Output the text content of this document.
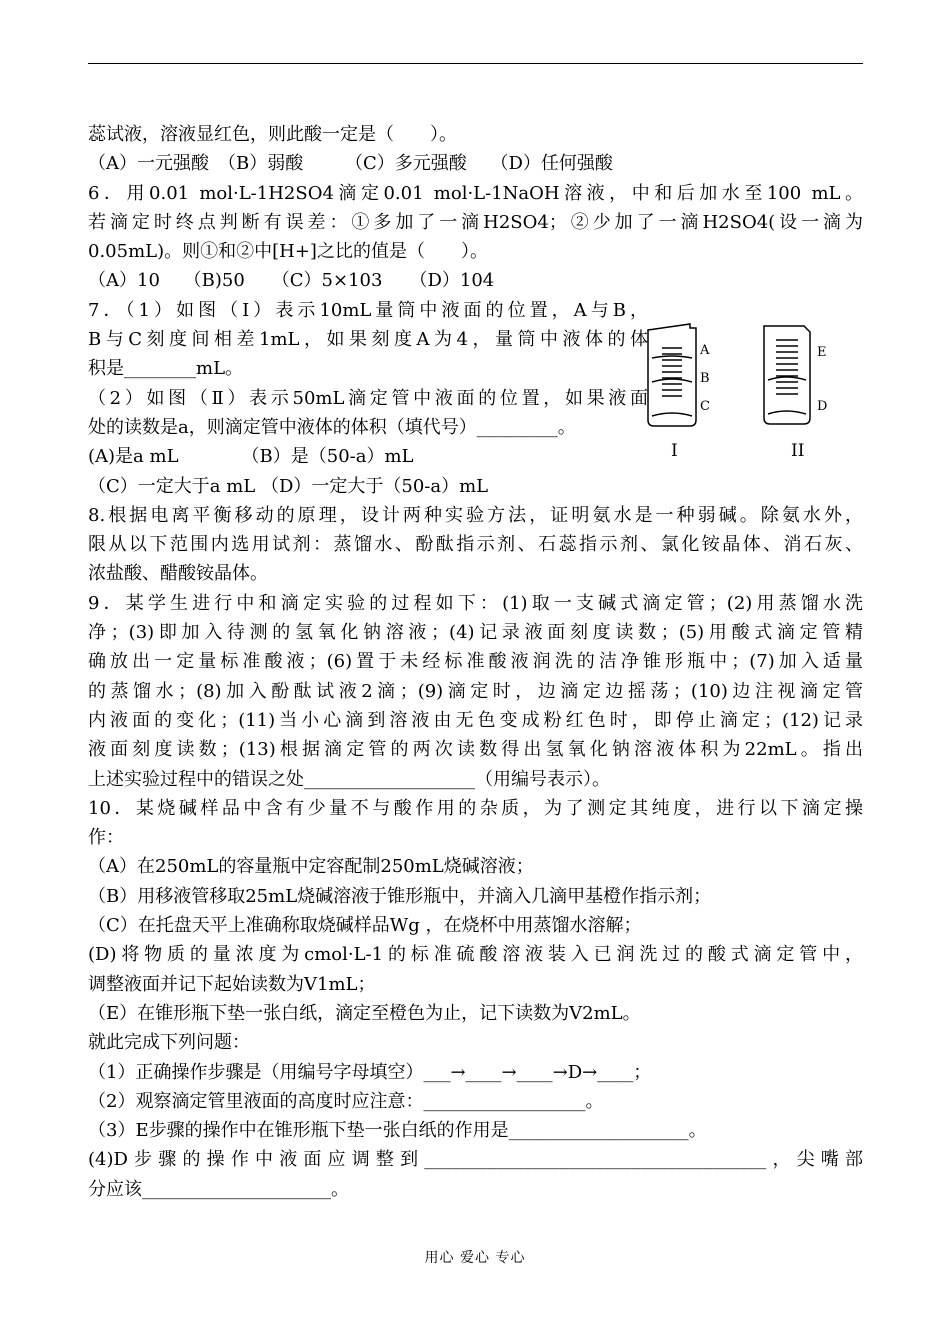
蕊试液，溶液显红色，则此酸一定是（　　）。
（A）一元强酸　（B）弱酸　　 （C）多元强酸　 （D）任何强酸
6．用0.01 mol·L-1H2SO4滴定0.01 mol·L-1NaOH溶液，中和后加水至100 mL。
若滴定时终点判断有误差：①多加了一滴H2SO4；②少加了一滴H2SO4(设一滴为
0.05mL)。则①和②中[H+]之比的值是（　　）。
（A）10　 （B)50　　（C）5×103　　（D）104
7．（1）如图（Ⅰ）表示10mL量筒中液面的位置，A与B，
B与C刻度间相差1mL，如果刻度A为4，量筒中液体的体
积是________mL。
（2）如图（Ⅱ）表示50mL滴定管中液面的位置，如果液面
处的读数是a，则滴定管中液体的体积（填代号）_________。
(A)是a mL　　　　（B）是（50-a）mL
（C）一定大于a mL （D）一定大于（50-a）mL
8.根据电离平衡移动的原理，设计两种实验方法，证明氨水是一种弱碱。除氨水外，
限从以下范围内选用试剂：蒸馏水、酚酞指示剂、石蕊指示剂、氯化铵晶体、消石灰、
浓盐酸、醋酸铵晶体。
9．某学生进行中和滴定实验的过程如下：(1)取一支碱式滴定管；(2)用蒸馏水洗
净；(3)即加入待测的氢氧化钠溶液；(4)记录液面刻度读数；(5)用酸式滴定管精
确放出一定量标准酸液；(6)置于未经标准酸液润洗的洁净锥形瓶中；(7)加入适量
的蒸馏水；(8)加入酚酞试液2滴；(9)滴定时，边滴定边摇荡；(10)边注视滴定管
内液面的变化；(11)当小心滴到溶液由无色变成粉红色时，即停止滴定；(12)记录
液面刻度读数；(13)根据滴定管的两次读数得出氢氧化钠溶液体积为22mL。指出
上述实验过程中的错误之处___________________（用编号表示）。
10．某烧碱样品中含有少量不与酸作用的杂质，为了测定其纯度，进行以下滴定操
作：
（A）在250mL的容量瓶中定容配制250mL烧碱溶液；
（B）用移液管移取25mL烧碱溶液于锥形瓶中，并滴入几滴甲基橙作指示剂；
（C）在托盘天平上准确称取烧碱样品Wg ，在烧杯中用蒸馏水溶解；
(D)将物质的量浓度为cmol·L-1的标准硫酸溶液装入已润洗过的酸式滴定管中，
调整液面并记下起始读数为V1mL；
（E）在锥形瓶下垫一张白纸，滴定至橙色为止，记下读数为V2mL。
就此完成下列问题：
（1）正确操作步骤是（用编号字母填空）___→____→____→D→____；
（2）观察滴定管里液面的高度时应注意：__________________。
（3）E步骤的操作中在锥形瓶下垫一张白纸的作用是____________________。
(4)D步骤的操作中液面应调整到______________________________________，尖嘴部
分应该_____________________。
A
B
C
E
D
I	II
用心 爱心 专心
